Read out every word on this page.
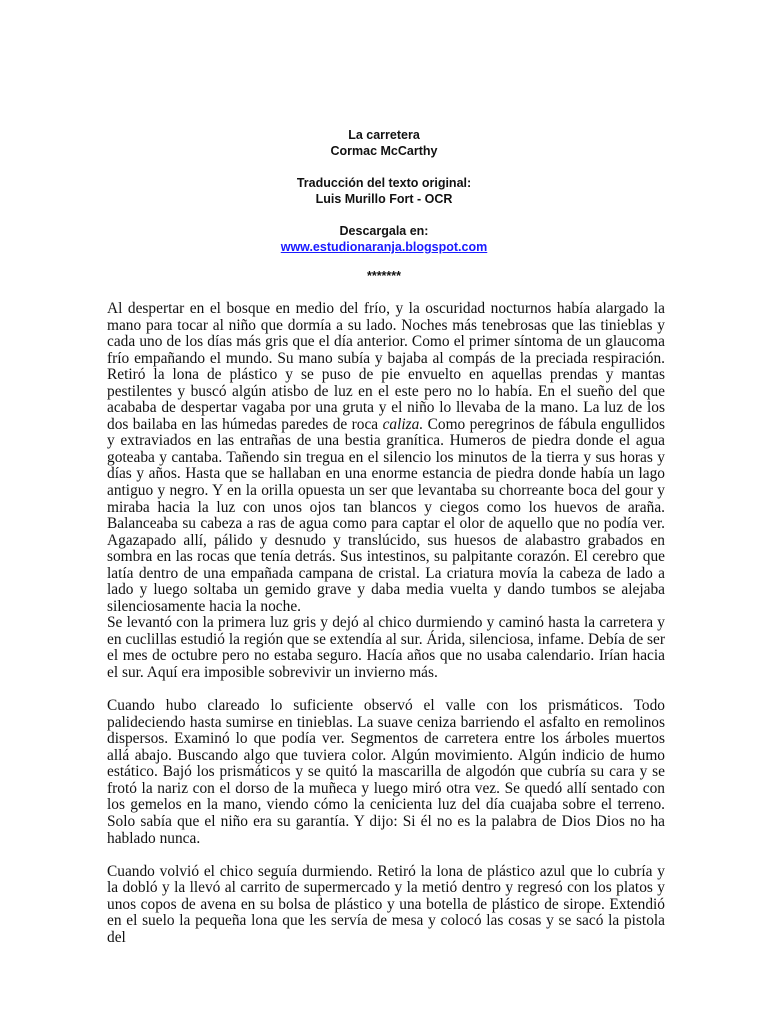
La carretera
Cormac McCarthy
Traducción del texto original:
Luis Murillo Fort - OCR
Descargala en:
www.estudionaranja.blogspot.com
*******

Al despertar en el bosque en medio del frío, y la oscuridad nocturnos había alargado la mano para tocar al niño que dormía a su lado. Noches más tenebrosas que las tinieblas y cada uno de los días más gris que el día anterior. Como el primer síntoma de un glaucoma frío empañando el mundo. Su mano subía y bajaba al compás de la preciada respiración. Retiró la lona de plástico y se puso de pie envuelto en aquellas prendas y mantas pestilentes y buscó algún atisbo de luz en el este pero no lo había. En el sueño del que acababa de despertar vagaba por una gruta y el niño lo llevaba de la mano. La luz de los dos bailaba en las húmedas paredes de roca caliza. Como peregrinos de fábula engullidos y extraviados en las entrañas de una bestia granítica. Humeros de piedra donde el agua goteaba y cantaba. Tañendo sin tregua en el silencio los minutos de la tierra y sus horas y días y años. Hasta que se hallaban en una enorme estancia de piedra donde había un lago antiguo y negro. Y en la orilla opuesta un ser que levantaba su chorreante boca del gour y miraba hacia la luz con unos ojos tan blancos y ciegos como los huevos de araña. Balanceaba su cabeza a ras de agua como para captar el olor de aquello que no podía ver. Agazapado allí, pálido y desnudo y translúcido, sus huesos de alabastro grabados en sombra en las rocas que tenía detrás. Sus intestinos, su palpitante corazón. El cerebro que latía dentro de una empañada campana de cristal. La criatura movía la cabeza de lado a lado y luego soltaba un gemido grave y daba media vuelta y dando tumbos se alejaba silenciosamente hacia la noche.

Se levantó con la primera luz gris y dejó al chico durmiendo y caminó hasta la carretera y en cuclillas estudió la región que se extendía al sur. Árida, silenciosa, infame. Debía de ser el mes de octubre pero no estaba seguro. Hacía años que no usaba calendario. Irían hacia el sur. Aquí era imposible sobrevivir un invierno más.

Cuando hubo clareado lo suficiente observó el valle con los prismáticos. Todo palideciendo hasta sumirse en tinieblas. La suave ceniza barriendo el asfalto en remolinos dispersos. Examinó lo que podía ver. Segmentos de carretera entre los árboles muertos allá abajo. Buscando algo que tuviera color. Algún movimiento. Algún indicio de humo estático. Bajó los prismáticos y se quitó la mascarilla de algodón que cubría su cara y se frotó la nariz con el dorso de la muñeca y luego miró otra vez. Se quedó allí sentado con los gemelos en la mano, viendo cómo la cenicienta luz del día cuajaba sobre el terreno. Solo sabía que el niño era su garantía. Y dijo: Si él no es la palabra de Dios Dios no ha hablado nunca.

Cuando volvió el chico seguía durmiendo. Retiró la lona de plástico azul que lo cubría y la dobló y la llevó al carrito de supermercado y la metió dentro y regresó con los platos y unos copos de avena en su bolsa de plástico y una botella de plástico de sirope. Extendió en el suelo la pequeña lona que les servía de mesa y colocó las cosas y se sacó la pistola del
